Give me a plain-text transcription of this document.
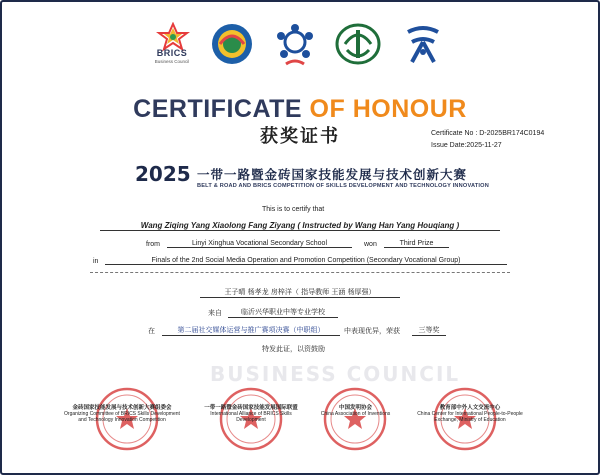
BRICS
Business Council
CERTIFICATE OF HONOUR
获奖证书	Certificate No : D-2025BR174C0194
Issue Date:2025-11-27
2025 一带一路暨金砖国家技能发展与技术创新大赛
BELT & ROAD AND BRICS COMPETITION OF SKILLS DEVELOPMENT AND TECHNOLOGY INNOVATION
This is to certify that
Wang Ziqing Yang Xiaolong Fang Ziyang ( Instructed by Wang Han Yang Houqiang )
from	Linyi Xinghua Vocational Secondary School	won	Third Prize
in	Finals of the 2nd Social Media Operation and Promotion Competition (Secondary Vocational Group)
王子晴 杨孝龙 房梓洋（ 指导教师 王涵 杨厚强）
来自	临沂兴华职业中等专业学校
在	第二届社交媒体运营与推广赛项决赛（中职组）	中表现优异，荣获	三等奖
特发此证，以资鼓励
BUSINESS COUNCIL
金砖国家技能发展与技术创新大赛组委会
Organizing Committee of BRICS Skills Development and Technology Innovation Competition
一带一路暨金砖国家技能发展国际联盟
International Alliance of BRICS Skills Development
中国发明协会
China Association of Inventions
教育部中外人文交流中心
China Center for International People-to-People Exchange, Ministry of Education
